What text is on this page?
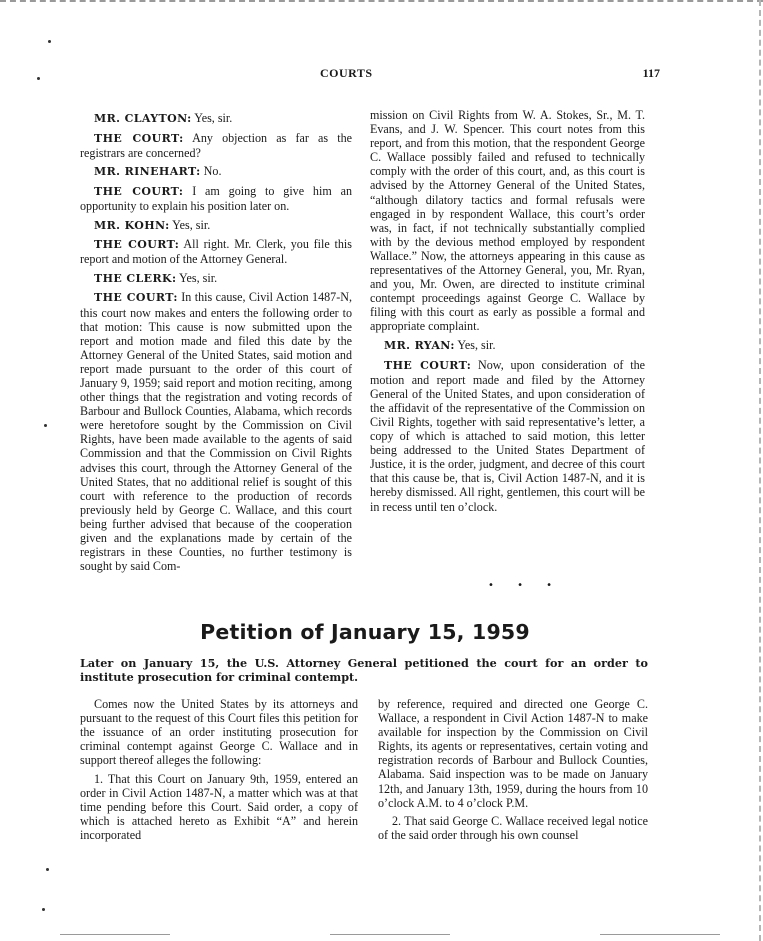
COURTS	117

MR. CLAYTON: Yes, sir.

THE COURT: Any objection as far as the registrars are concerned?

MR. RINEHART: No.

THE COURT: I am going to give him an opportunity to explain his position later on.

MR. KOHN: Yes, sir.

THE COURT: All right. Mr. Clerk, you file this report and motion of the Attorney General.

THE CLERK: Yes, sir.

THE COURT: In this cause, Civil Action 1487-N, this court now makes and enters the following order to that motion: This cause is now submitted upon the report and motion made and filed this date by the Attorney General of the United States, said motion and report made pursuant to the order of this court of January 9, 1959; said report and motion reciting, among other things that the registration and voting records of Barbour and Bullock Counties, Alabama, which records were heretofore sought by the Commission on Civil Rights, have been made available to the agents of said Commission and that the Commission on Civil Rights advises this court, through the Attorney General of the United States, that no additional relief is sought of this court with reference to the production of records previously held by George C. Wallace, and this court being further advised that because of the cooperation given and the explanations made by certain of the registrars in these Counties, no further testimony is sought by said Com-

mission on Civil Rights from W. A. Stokes, Sr., M. T. Evans, and J. W. Spencer. This court notes from this report, and from this motion, that the respondent George C. Wallace possibly failed and refused to technically comply with the order of this court, and, as this court is advised by the Attorney General of the United States, “although dilatory tactics and formal refusals were engaged in by respondent Wallace, this court’s order was, in fact, if not technically substantially complied with by the devious method employed by respondent Wallace.” Now, the attorneys appearing in this cause as representatives of the Attorney General, you, Mr. Ryan, and you, Mr. Owen, are directed to institute criminal contempt proceedings against George C. Wallace by filing with this court as early as possible a formal and appropriate complaint.

MR. RYAN: Yes, sir.

THE COURT: Now, upon consideration of the motion and report made and filed by the Attorney General of the United States, and upon consideration of the affidavit of the representative of the Commission on Civil Rights, together with said representative’s letter, a copy of which is attached to said motion, this letter being addressed to the United States Department of Justice, it is the order, judgment, and decree of this court that this cause be, that is, Civil Action 1487-N, and it is hereby dismissed. All right, gentlemen, this court will be in recess until ten o’clock.

• • •
Petition of January 15, 1959
Later on January 15, the U.S. Attorney General petitioned the court for an order to institute prosecution for criminal contempt.

Comes now the United States by its attorneys and pursuant to the request of this Court files this petition for the issuance of an order instituting prosecution for criminal contempt against George C. Wallace and in support thereof alleges the following:

1. That this Court on January 9th, 1959, entered an order in Civil Action 1487-N, a matter which was at that time pending before this Court. Said order, a copy of which is attached hereto as Exhibit “A” and herein incorporated

by reference, required and directed one George C. Wallace, a respondent in Civil Action 1487-N to make available for inspection by the Commission on Civil Rights, its agents or representatives, certain voting and registration records of Barbour and Bullock Counties, Alabama. Said inspection was to be made on January 12th, and January 13th, 1959, during the hours from 10 o’clock A.M. to 4 o’clock P.M.

2. That said George C. Wallace received legal notice of the said order through his own counsel
